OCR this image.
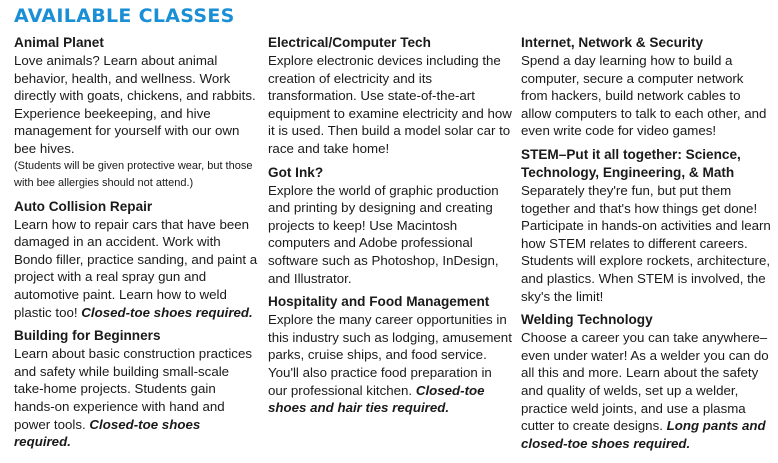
AVAILABLE CLASSES

Animal Planet

Love animals? Learn about animal behavior, health, and wellness. Work directly with goats, chickens, and rabbits. Experience beekeeping, and hive management for yourself with our own bee hives.

(Students will be given protective wear, but those with bee allergies should not attend.)

Auto Collision Repair

Learn how to repair cars that have been damaged in an accident. Work with Bondo filler, practice sanding, and paint a project with a real spray gun and automotive paint. Learn how to weld plastic too! Closed-toe shoes required.

Building for Beginners

Learn about basic construction practices and safety while building small-scale take-home projects. Students gain hands-on experience with hand and power tools. Closed-toe shoes required.

Electrical/Computer Tech

Explore electronic devices including the creation of electricity and its transformation. Use state-of-the-art equipment to examine electricity and how it is used. Then build a model solar car to race and take home!

Got Ink?

Explore the world of graphic production and printing by designing and creating projects to keep! Use Macintosh computers and Adobe professional software such as Photoshop, InDesign, and Illustrator.

Hospitality and Food Management

Explore the many career opportunities in this industry such as lodging, amusement parks, cruise ships, and food service. You'll also practice food preparation in our professional kitchen. Closed-toe shoes and hair ties required.

Internet, Network & Security

Spend a day learning how to build a computer, secure a computer network from hackers, build network cables to allow computers to talk to each other, and even write code for video games!

STEM–Put it all together: Science, Technology, Engineering, & Math

Separately they're fun, but put them together and that's how things get done! Participate in hands-on activities and learn how STEM relates to different careers. Students will explore rockets, architecture, and plastics. When STEM is involved, the sky's the limit!

Welding Technology

Choose a career you can take anywhere– even under water! As a welder you can do all this and more. Learn about the safety and quality of welds, set up a welder, practice weld joints, and use a plasma cutter to create designs. Long pants and closed-toe shoes required.
